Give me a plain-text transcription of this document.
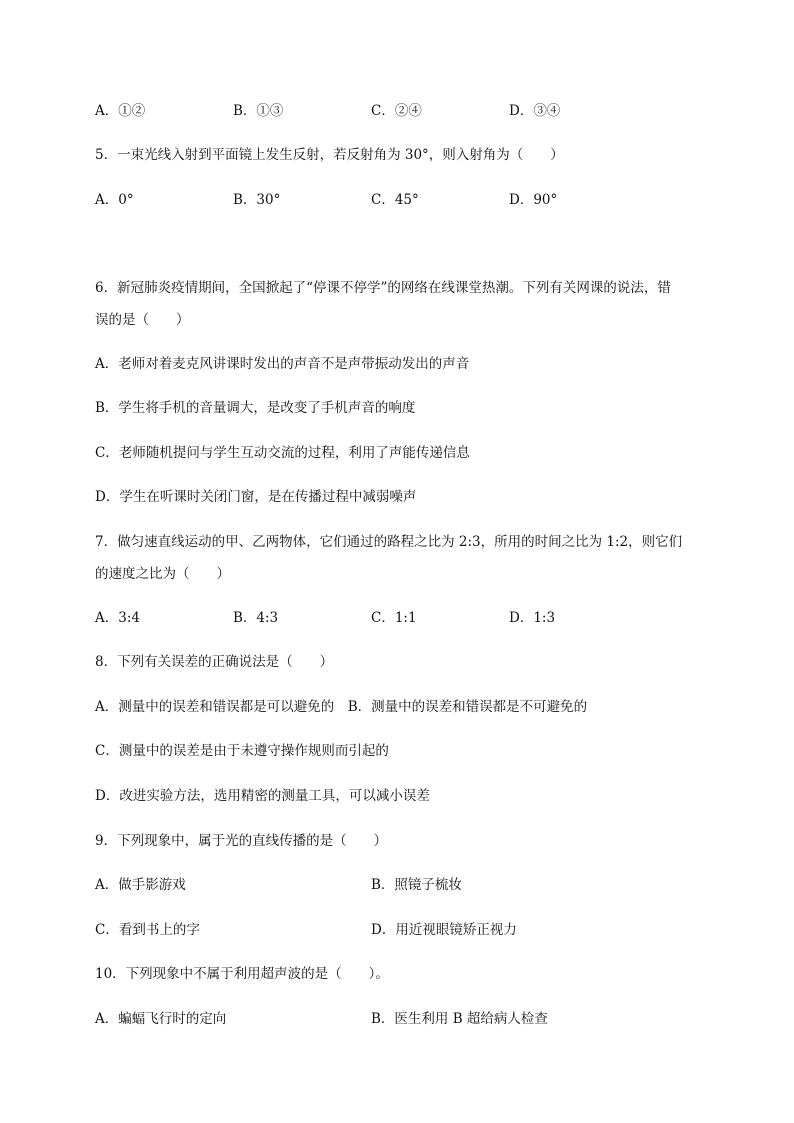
A．①②	B．①③	C．②④	D．③④
5．一束光线入射到平面镜上发生反射，若反射角为 30°，则入射角为（　　）
A．0°	B．30°	C．45°	D．90°
6．新冠肺炎疫情期间，全国掀起了“停课不停学”的网络在线课堂热潮。下列有关网课的说法，错
误的是（　　）
A．老师对着麦克风讲课时发出的声音不是声带振动发出的声音
B．学生将手机的音量调大，是改变了手机声音的响度
C．老师随机提问与学生互动交流的过程，利用了声能传递信息
D．学生在听课时关闭门窗，是在传播过程中减弱噪声
7．做匀速直线运动的甲、乙两物体，它们通过的路程之比为 2:3，所用的时间之比为 1:2，则它们
的速度之比为（　　）
A．3:4	B．4:3	C．1:1	D．1:3
8．下列有关误差的正确说法是（　　）
A．测量中的误差和错误都是可以避免的　B．测量中的误差和错误都是不可避免的
C．测量中的误差是由于未遵守操作规则而引起的
D．改进实验方法，选用精密的测量工具，可以减小误差
9．下列现象中，属于光的直线传播的是（　　）
A．做手影游戏	B．照镜子梳妆
C．看到书上的字	D．用近视眼镜矫正视力
10．下列现象中不属于利用超声波的是（　　）。
A．蝙蝠飞行时的定向	B．医生利用 B 超给病人检查
